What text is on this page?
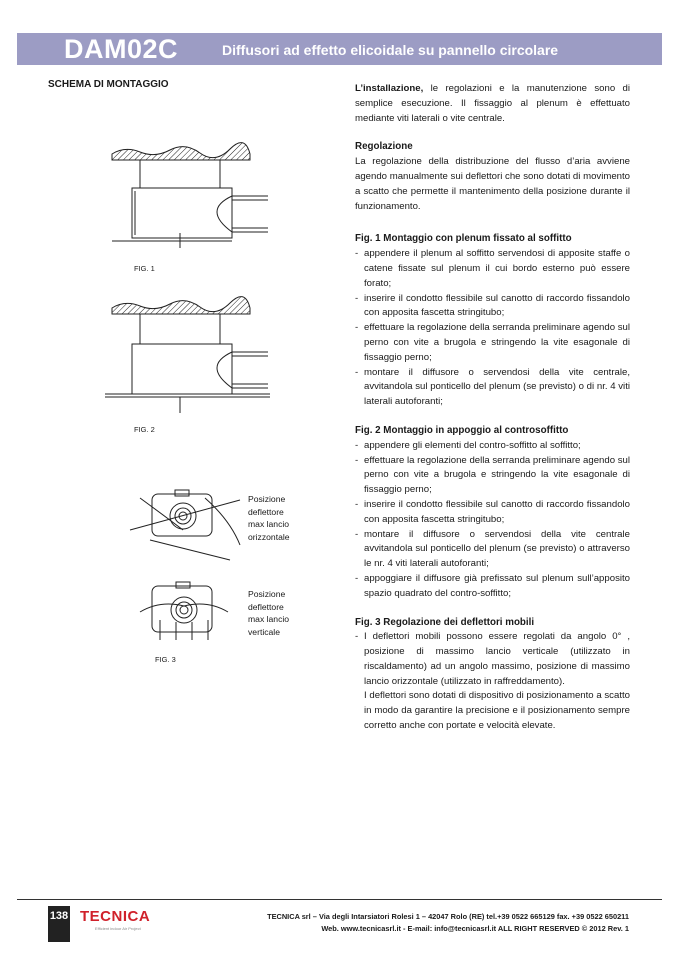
DAM02C	Diffusori ad effetto elicoidale su pannello circolare
SCHEMA DI MONTAGGIO
FIG. 1
FIG. 2
FIG. 3
Posizione
deflettore
max lancio
orizzontale
Posizione
deflettore
max lancio
verticale

L’installazione, le regolazioni e la manutenzione sono di semplice esecuzione. Il fissaggio al plenum è effettuato mediante viti laterali o vite centrale.

Regolazione

La regolazione della distribuzione del flusso d’aria avviene agendo manualmente sui deflettori che sono dotati di movimento a scatto che permette il mantenimento della posizione durante il funzionamento.

Fig. 1 Montaggio con plenum fissato al soffitto
- appendere il plenum al soffitto servendosi di apposite staffe o catene fissate sul plenum il cui bordo esterno può essere forato;
- inserire il condotto flessibile sul canotto di raccordo fissandolo con apposita fascetta stringitubo;
- effettuare la regolazione della serranda preliminare agendo sul perno con vite a brugola e stringendo la vite esagonale di fissaggio perno;
- montare il diffusore o servendosi della vite centrale, avvitandola sul ponticello del plenum (se previsto) o di nr. 4 viti laterali autoforanti;
Fig. 2 Montaggio in appoggio al controsoffitto
- appendere gli elementi del contro-soffitto al soffitto;
- effettuare la regolazione della serranda preliminare agendo sul perno con vite a brugola e stringendo la vite esagonale di fissaggio perno;
- inserire il condotto flessibile sul canotto di raccordo fissandolo con apposita fascetta stringitubo;
- montare il diffusore o servendosi della vite centrale avvitandola sul ponticello del plenum (se previsto) o attraverso le nr. 4 viti laterali autoforanti;
- appoggiare il diffusore già prefissato sul plenum sull’apposito spazio quadrato del contro-soffitto;
Fig. 3 Regolazione dei deflettori mobili
- I deflettori mobili possono essere regolati da angolo 0° , posizione di massimo lancio verticale (utilizzato in riscaldamento) ad un angolo massimo, posizione di massimo lancio orizzontale (utilizzato in raffreddamento).

I deflettori sono dotati di dispositivo di posizionamento a scatto in modo da garantire la precisione e il posizionamento sempre corretto anche con portate e velocità elevate.

138 TECNICA
Efficient indoor Air Project
TECNICA srl – Via degli Intarsiatori Rolesi 1 – 42047 Rolo (RE) tel.+39 0522 665129 fax. +39 0522 650211
Web. www.tecnicasrl.it - E-mail: info@tecnicasrl.it ALL RIGHT RESERVED © 2012 Rev. 1
